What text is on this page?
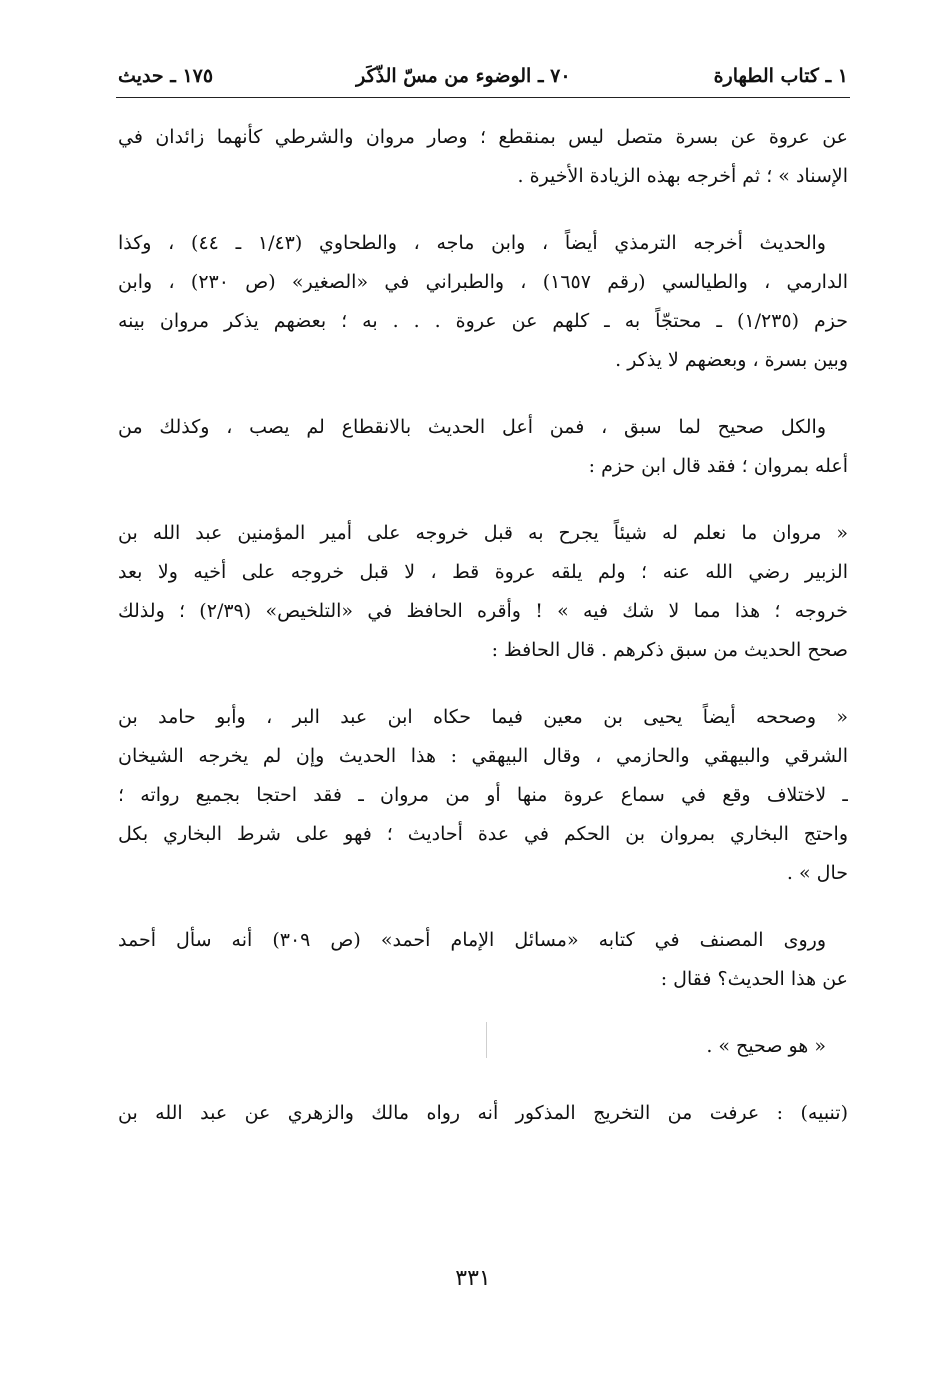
١ ـ كتاب الطهارة
٧٠ ـ الوضوء من مسّ الذّكَر
١٧٥ ـ حديث
عن عروة عن بسرة متصل ليس بمنقطع ؛ وصار مروان والشرطي كأنهما زائدان في
الإسناد » ؛ ثم أخرجه بهذه الزيادة الأخيرة .
والحديث أخرجه الترمذي أيضاً ، وابن ماجه ، والطحاوي (١/٤٣ ـ ٤٤) ، وكذا
الدارمي ، والطيالسي (رقم ١٦٥٧) ، والطبراني في «الصغير» (ص ٢٣٠) ، وابن
حزم (١/٢٣٥) ـ محتجّاً به ـ كلهم عن عروة . . . به ؛ بعضهم يذكر مروان بينه
وبين بسرة ، وبعضهم لا يذكر .
والكل صحيح لما سبق ، فمن أعل الحديث بالانقطاع لم يصب ، وكذلك من
أعله بمروان ؛ فقد قال ابن حزم :
« مروان ما نعلم له شيئاً يجرح به قبل خروجه على أمير المؤمنين عبد الله بن
الزبير رضي الله عنه ؛ ولم يلقه عروة قط ، لا قبل خروجه على أخيه ولا بعد
خروجه ؛ هذا مما لا شك فيه » ! وأقره الحافظ في «التلخيص» (٢/٣٩) ؛ ولذلك
صحح الحديث من سبق ذكرهم . قال الحافظ :
« وصححه أيضاً يحيى بن معين فيما حكاه ابن عبد البر ، وأبو حامد بن
الشرقي والبيهقي والحازمي ، وقال البيهقي : هذا الحديث وإن لم يخرجه الشيخان
ـ لاختلاف وقع في سماع عروة منها أو من مروان ـ فقد احتجا بجميع رواته ؛
واحتج البخاري بمروان بن الحكم في عدة أحاديث ؛ فهو على شرط البخاري بكل
حال » .
وروى المصنف في كتابه «مسائل الإمام أحمد» (ص ٣٠٩) أنه سأل أحمد
عن هذا الحديث؟ فقال :
« هو صحيح » .
(تنبيه) : عرفت من التخريج المذكور أنه رواه مالك والزهري عن عبد الله بن
٣٣١
